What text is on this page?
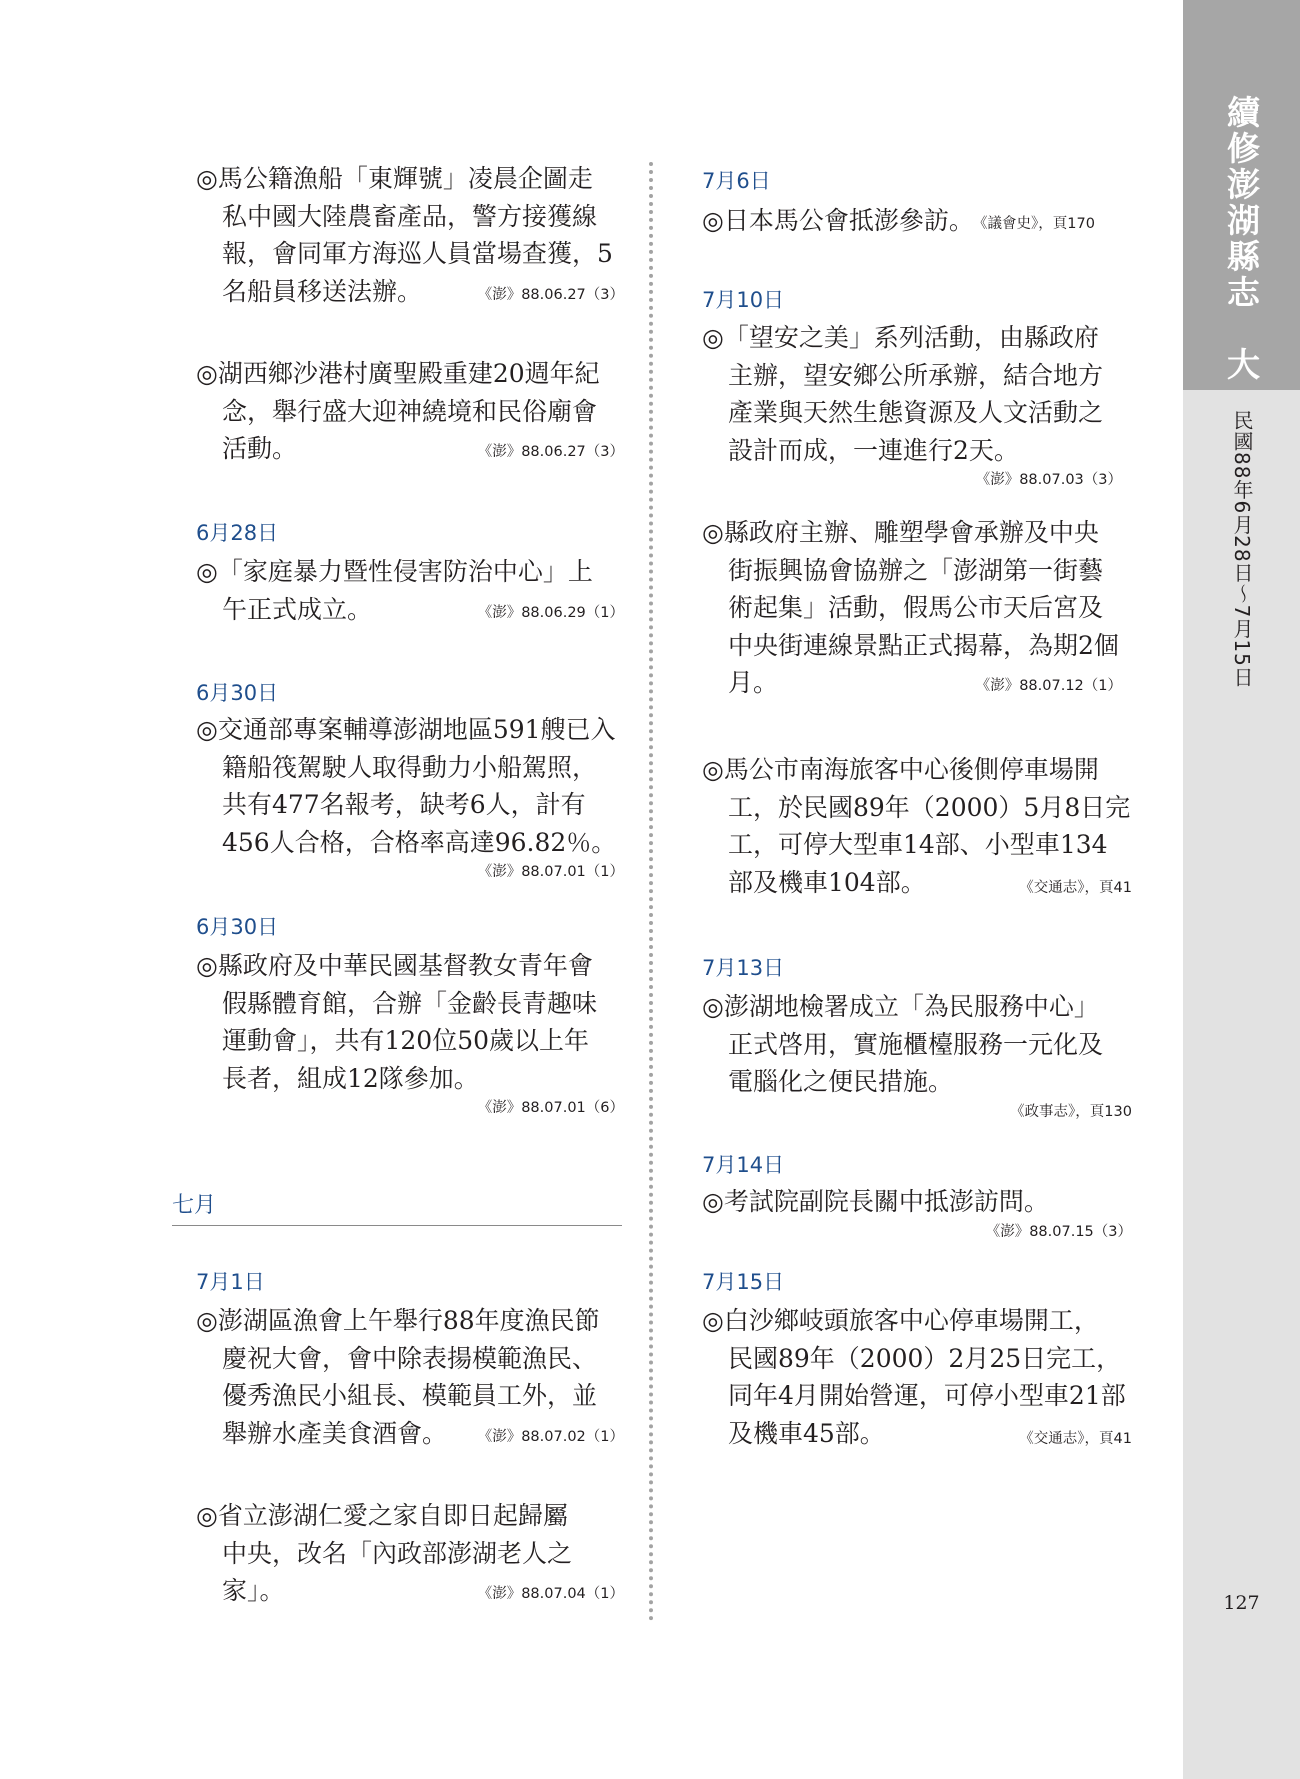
◎馬公籍漁船「東輝號」凌晨企圖走
私中國大陸農畜產品，警方接獲線
報，會同軍方海巡人員當場查獲，5
名船員移送法辦。	《澎》88.06.27（3）
◎湖西鄉沙港村廣聖殿重建20週年紀
念，舉行盛大迎神繞境和民俗廟會
活動。	《澎》88.06.27（3）
6月28日
◎「家庭暴力暨性侵害防治中心」上
午正式成立。	《澎》88.06.29（1）
6月30日
◎交通部專案輔導澎湖地區591艘已入
籍船筏駕駛人取得動力小船駕照，
共有477名報考，缺考6人，計有
456人合格，合格率高達96.82％。
《澎》88.07.01（1）
6月30日
◎縣政府及中華民國基督教女青年會
假縣體育館，合辦「金齡長青趣味
運動會」，共有120位50歲以上年
長者，組成12隊參加。
《澎》88.07.01（6）
7月1日
◎澎湖區漁會上午舉行88年度漁民節
慶祝大會，會中除表揚模範漁民、
優秀漁民小組長、模範員工外，並
舉辦水產美食酒會。 《澎》88.07.02（1）
◎省立澎湖仁愛之家自即日起歸屬
中央，改名「內政部澎湖老人之
家」。	《澎》88.07.04（1）
七月
7月6日
◎日本馬公會抵澎參訪。 《議會史》，頁170
7月10日
◎「望安之美」系列活動，由縣政府
主辦，望安鄉公所承辦，結合地方
產業與天然生態資源及人文活動之
設計而成，一連進行2天。
《澎》88.07.03（3）
◎縣政府主辦、雕塑學會承辦及中央
街振興協會協辦之「澎湖第一街藝
術起集」活動，假馬公市天后宮及
中央街連線景點正式揭幕，為期2個
月。	《澎》88.07.12（1）
◎馬公市南海旅客中心後側停車場開
工，於民國89年（2000）5月8日完
工，可停大型車14部、小型車134
部及機車104部。	《交通志》，頁41
7月13日
◎澎湖地檢署成立「為民服務中心」
正式啓用，實施櫃檯服務一元化及
電腦化之便民措施。
《政事志》，頁130
7月14日
◎考試院副院長關中抵澎訪問。
《澎》88.07.15（3）
7月15日
◎白沙鄉岐頭旅客中心停車場開工，
民國89年（2000）2月25日完工，
同年4月開始營運，可停小型車21部
及機車45部。	《交通志》，頁41
續修澎湖縣志　大事記
民國88年6月28日～7月15日
127
